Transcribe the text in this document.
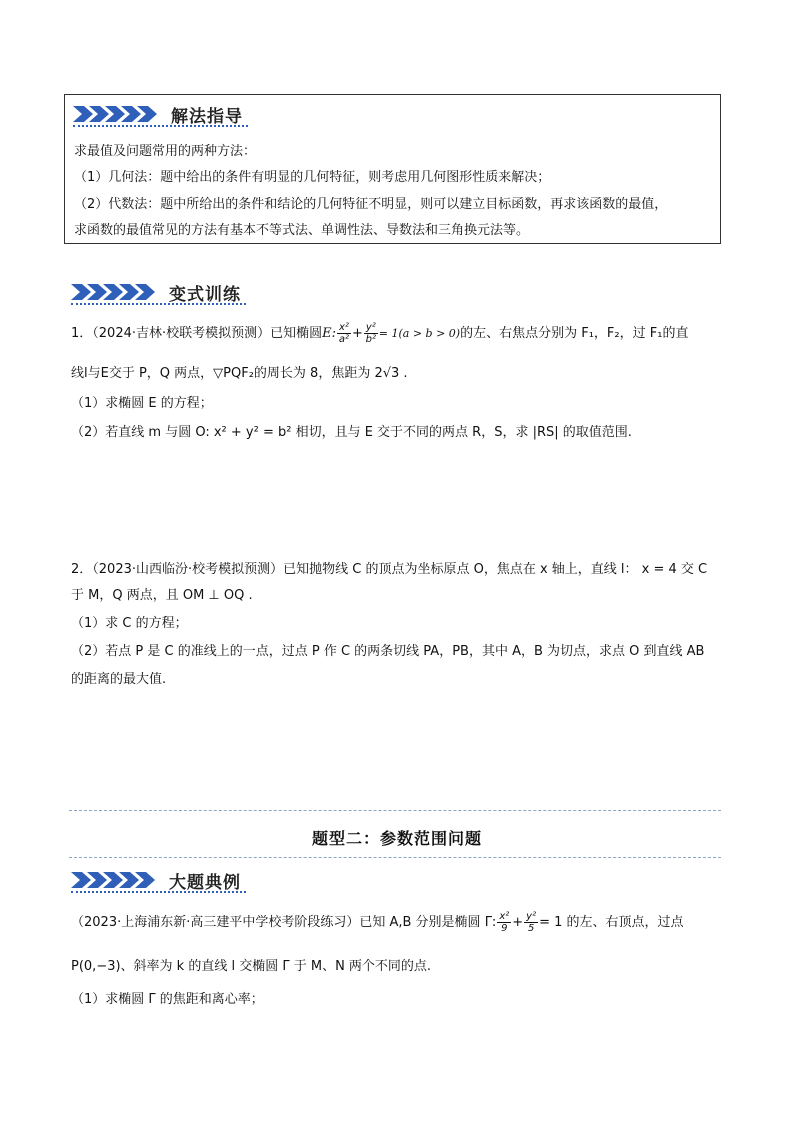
解法指导
求最值及问题常用的两种方法：
（1）几何法：题中给出的条件有明显的几何特征，则考虑用几何图形性质来解决；
（2）代数法：题中所给出的条件和结论的几何特征不明显，则可以建立目标函数，再求该函数的最值，
求函数的最值常见的方法有基本不等式法、单调性法、导数法和三角换元法等。
变式训练
1．（2024·吉林·校联考模拟预测）已知椭圆E: $\frac{\text{x²}}{\text{a²}} + \frac{\text{y²}}{\text{b²}} = 1(a > b > 0)$的左、右焦点分别为 F₁，F₂，过 F₁的直
线l与E交于 P，Q 两点，▽PQF₂的周长为 8，焦距为 2√3 .
（1）求椭圆 E 的方程；
（2）若直线 m 与圆 O: x² + y² = b² 相切，且与 E 交于不同的两点 R，S，求 |RS| 的取值范围.
2．（2023·山西临汾·校考模拟预测）已知抛物线 C 的顶点为坐标原点 O，焦点在 x 轴上，直线 l： x = 4 交 C
于 M，Q 两点，且 OM ⊥ OQ .
（1）求 C 的方程；
（2）若点 P 是 C 的准线上的一点，过点 P 作 C 的两条切线 PA，PB，其中 A，B 为切点，求点 O 到直线 AB
的距离的最大值.
题型二：参数范围问题
大题典例
（2023·上海浦东新·高三建平中学校考阶段练习）已知 A,B 分别是椭圆 Γ: $\frac{\text{x²}}{9} + \frac{\text{y²}}{5} = 1$ 的左、右顶点，过点
P(0,−3)、斜率为 k 的直线 l 交椭圆 Γ 于 M、N 两个不同的点.
（1）求椭圆 Γ 的焦距和离心率；
